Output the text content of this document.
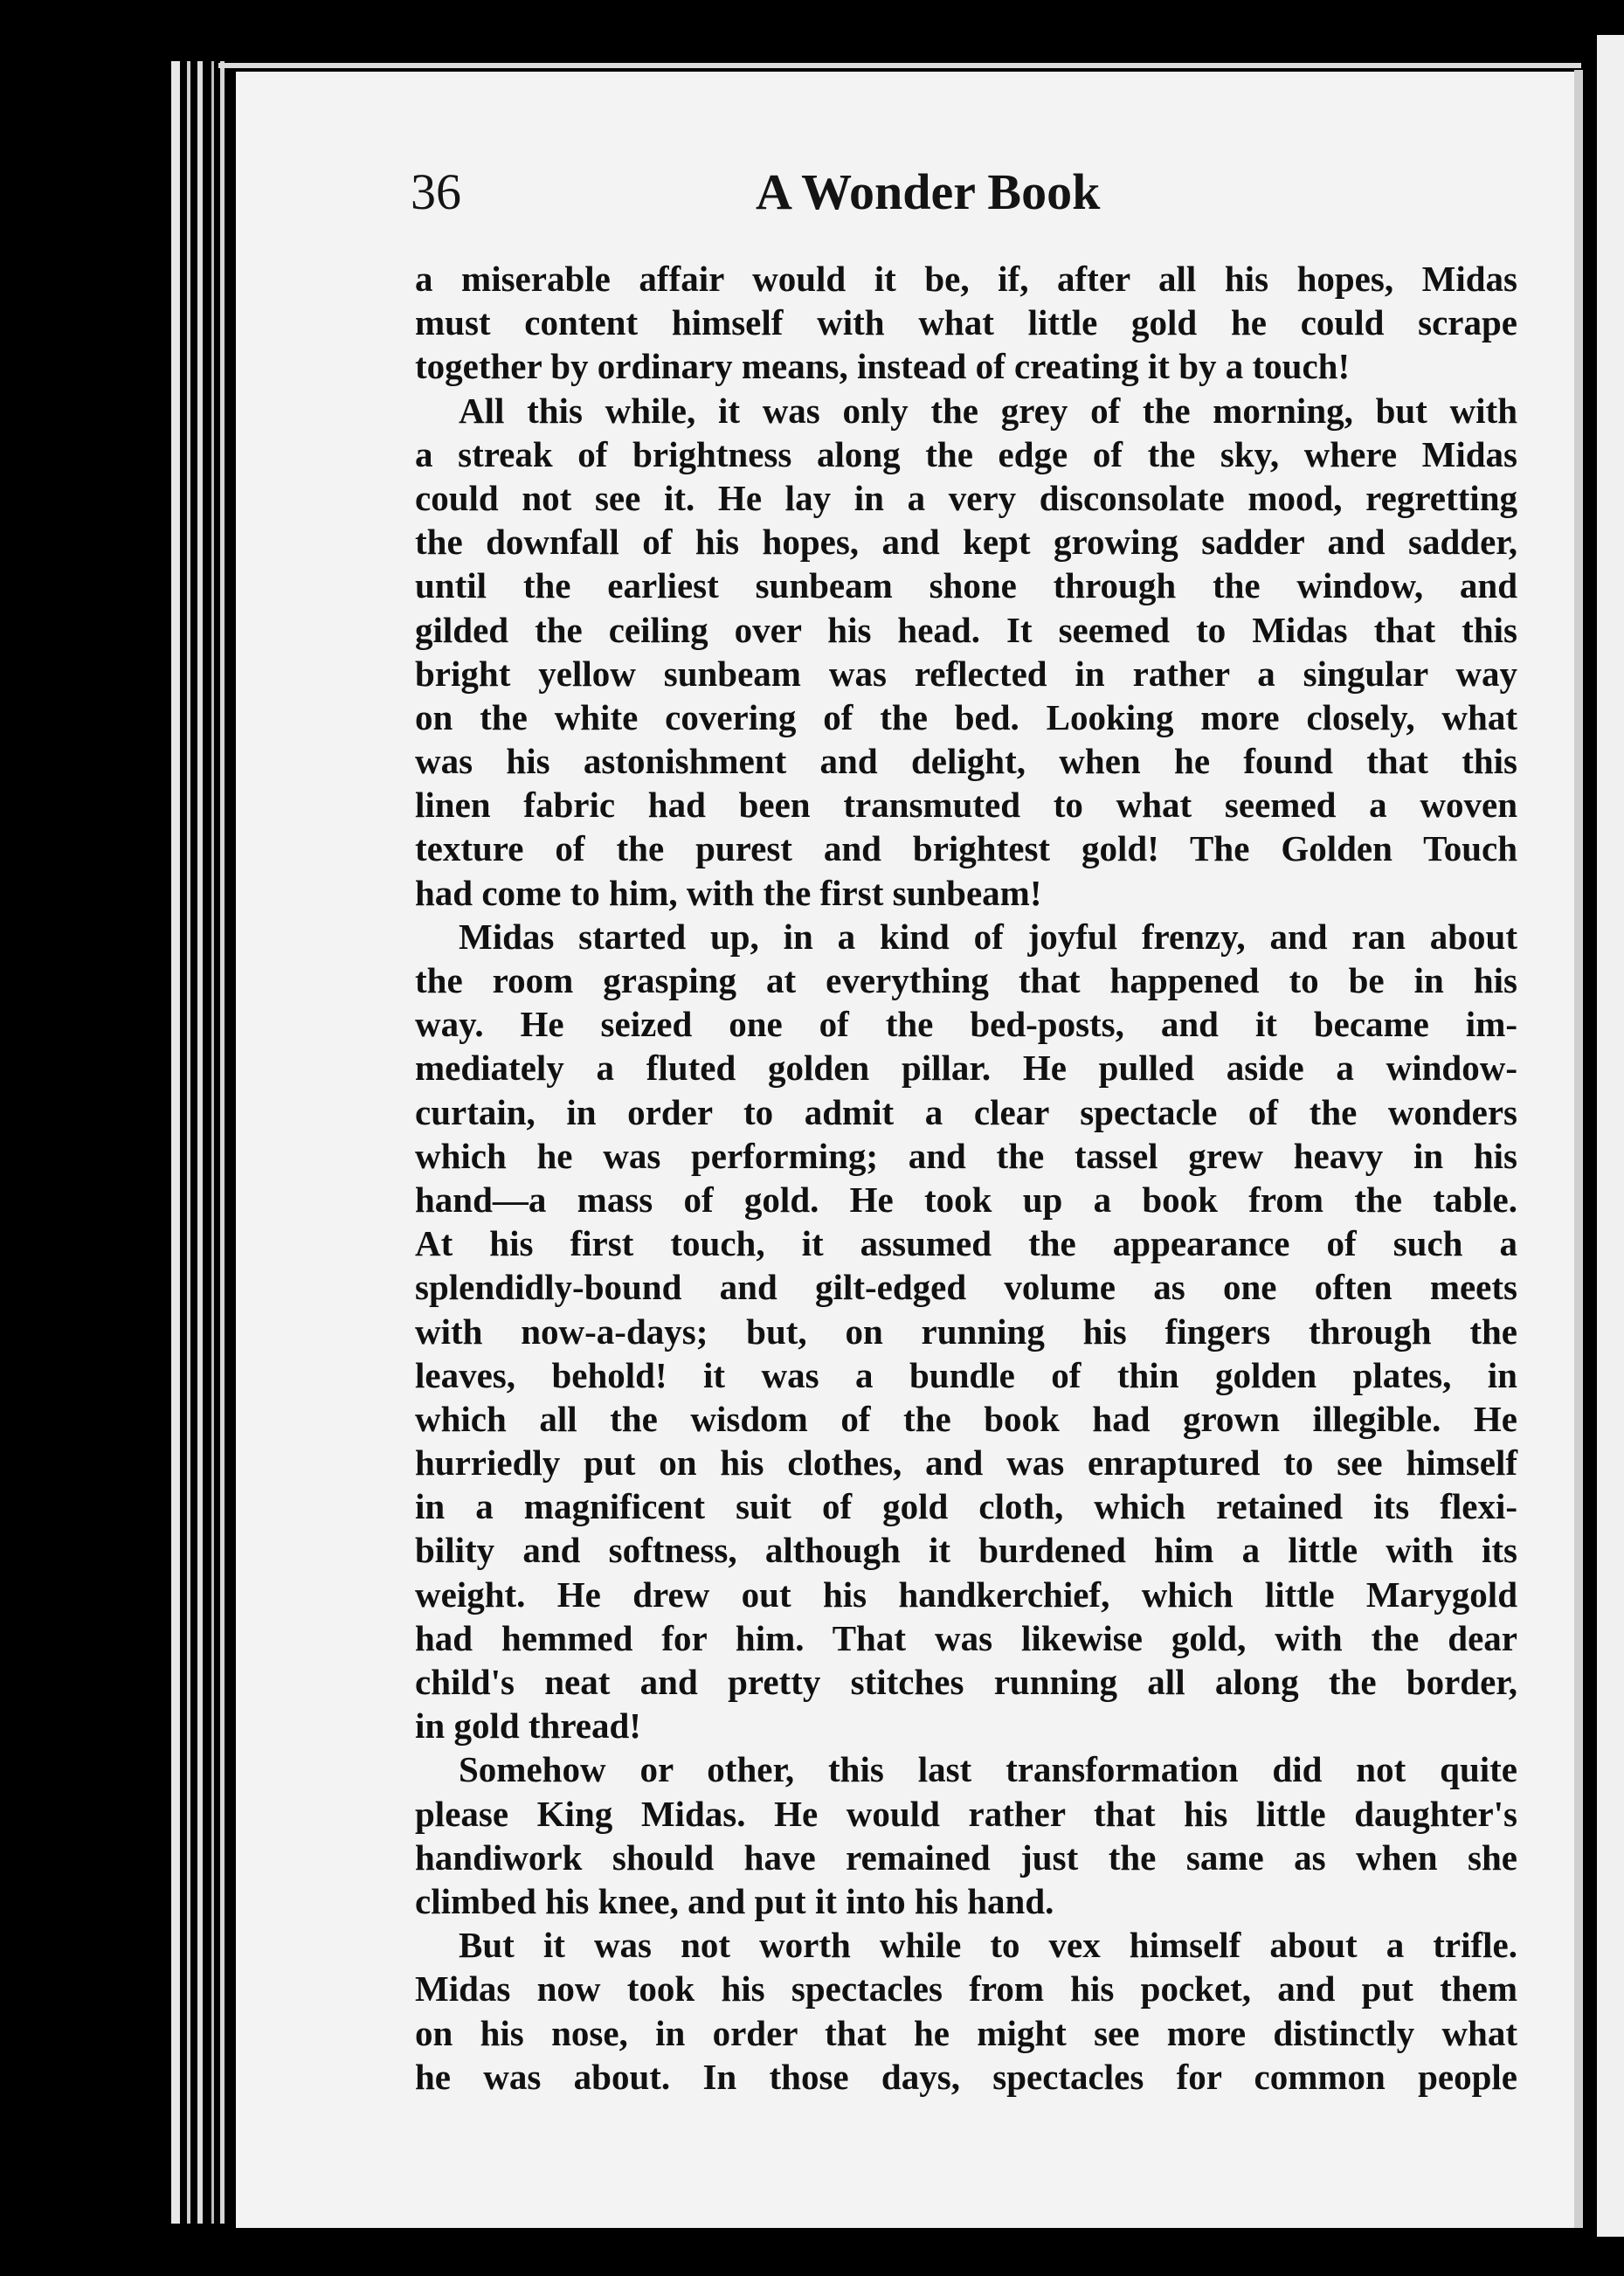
36	A Wonder Book
a miserable affair would it be, if, after all his hopes, Midas
must content himself with what little gold he could scrape
together by ordinary means, instead of creating it by a touch!
All this while, it was only the grey of the morning, but with
a streak of brightness along the edge of the sky, where Midas
could not see it. He lay in a very disconsolate mood, regretting
the downfall of his hopes, and kept growing sadder and sadder,
until the earliest sunbeam shone through the window, and
gilded the ceiling over his head. It seemed to Midas that this
bright yellow sunbeam was reflected in rather a singular way
on the white covering of the bed. Looking more closely, what
was his astonishment and delight, when he found that this
linen fabric had been transmuted to what seemed a woven
texture of the purest and brightest gold! The Golden Touch
had come to him, with the first sunbeam!
Midas started up, in a kind of joyful frenzy, and ran about
the room grasping at everything that happened to be in his
way. He seized one of the bed-posts, and it became im-
mediately a fluted golden pillar. He pulled aside a window-
curtain, in order to admit a clear spectacle of the wonders
which he was performing; and the tassel grew heavy in his
hand—a mass of gold. He took up a book from the table.
At his first touch, it assumed the appearance of such a
splendidly-bound and gilt-edged volume as one often meets
with now-a-days; but, on running his fingers through the
leaves, behold! it was a bundle of thin golden plates, in
which all the wisdom of the book had grown illegible. He
hurriedly put on his clothes, and was enraptured to see himself
in a magnificent suit of gold cloth, which retained its flexi-
bility and softness, although it burdened him a little with its
weight. He drew out his handkerchief, which little Marygold
had hemmed for him. That was likewise gold, with the dear
child's neat and pretty stitches running all along the border,
in gold thread!
Somehow or other, this last transformation did not quite
please King Midas. He would rather that his little daughter's
handiwork should have remained just the same as when she
climbed his knee, and put it into his hand.
But it was not worth while to vex himself about a trifle.
Midas now took his spectacles from his pocket, and put them
on his nose, in order that he might see more distinctly what
he was about. In those days, spectacles for common people
